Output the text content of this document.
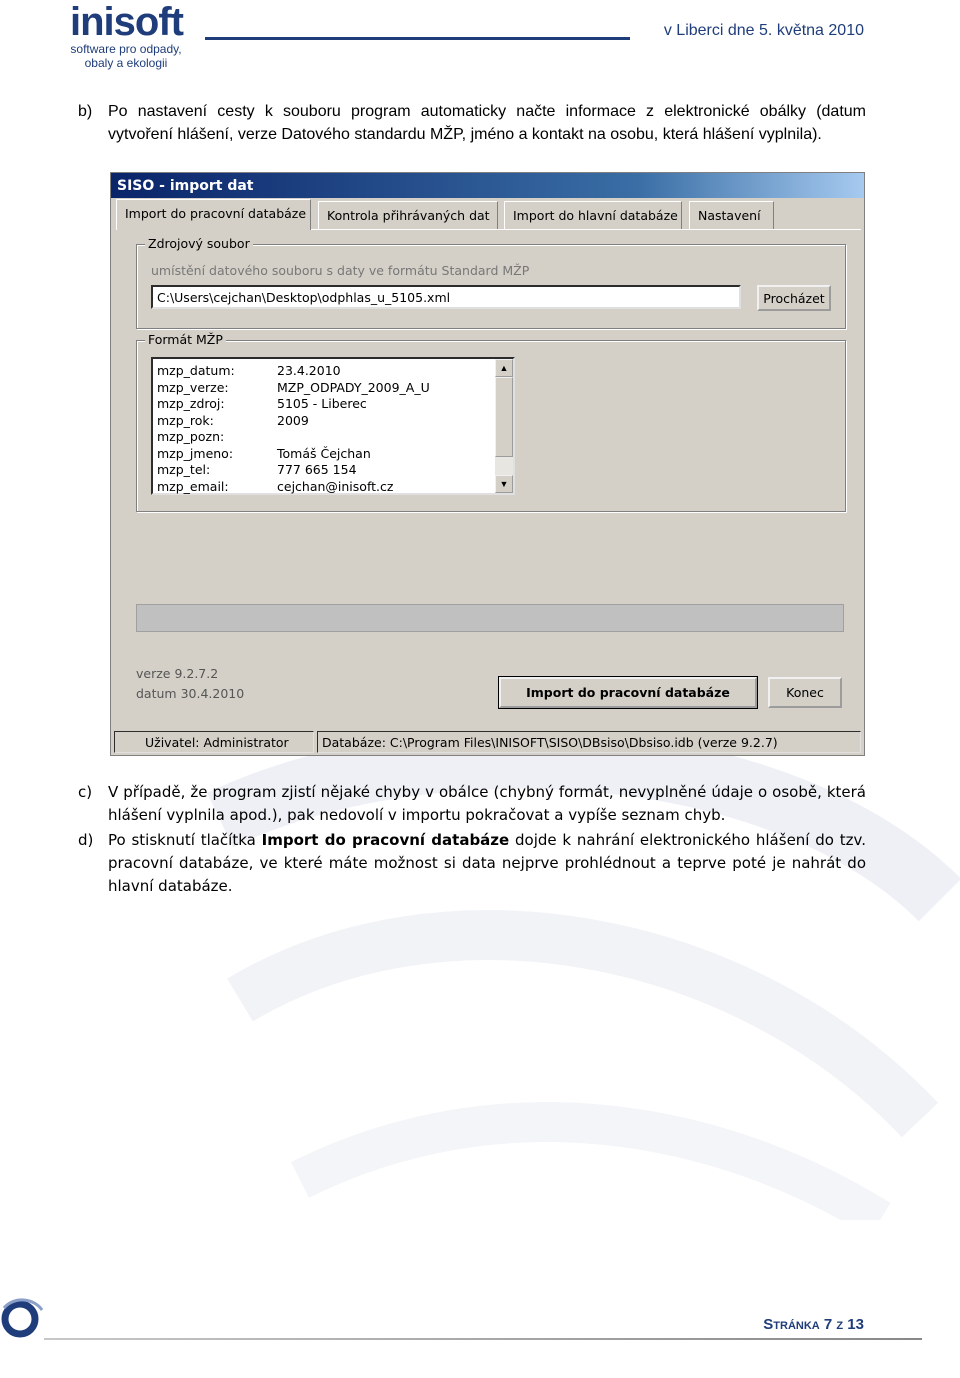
inisoft
software pro odpady,
obaly a ekologii
v Liberci dne 5. května 2010
b) Po nastavení cesty k souboru program automaticky načte informace z elektronické obálky (datum vytvoření hlášení, verze Datového standardu MŽP, jméno a kontakt na osobu, která hlášení vyplnila).
SISO - import dat
Import do pracovní databáze	Kontrola přihrávaných dat	Import do hlavní databáze	Nastavení
Zdrojový soubor
umístění datového souboru s daty ve formátu Standard MŽP
C:\Users\cejchan\Desktop\odphlas_u_5105.xml	Procházet
Formát MŽP
mzp_datum:	23.4.2010
mzp_verze:	MZP_ODPADY_2009_A_U
mzp_zdroj:	5105 - Liberec
mzp_rok:	2009
mzp_pozn:
mzp_jmeno:	Tomáš Čejchan
mzp_tel:	777 665 154
mzp_email:	cejchan@inisoft.cz
▲
▼
verze 9.2.7.2
datum 30.4.2010	Import do pracovní databáze	Konec
Uživatel: Administrator	Databáze: C:\Program Files\INISOFT\SISO\DBsiso\Dbsiso.idb (verze 9.2.7)
c) V případě, že program zjistí nějaké chyby v obálce (chybný formát, nevyplněné údaje o osobě, která hlášení vyplnila apod.), pak nedovolí v importu pokračovat a vypíše seznam chyb.
d) Po stisknutí tlačítka Import do pracovní databáze dojde k nahrání elektronického hlášení do tzv. pracovní databáze, ve které máte možnost si data nejprve prohlédnout a teprve poté je nahrát do hlavní databáze.
Stránka 7 z 13
